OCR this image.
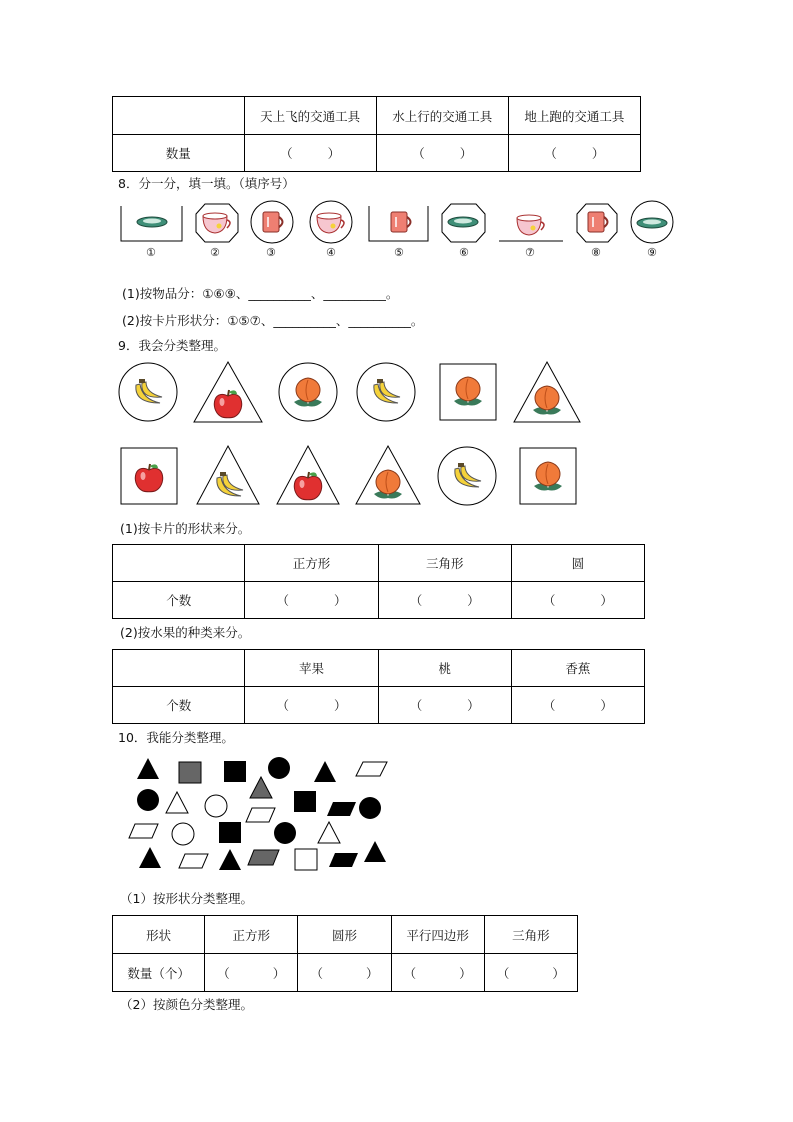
	天上飞的交通工具	水上行的交通工具	地上跑的交通工具
数量	（ ）	（ ）	（ ）
8．分一分，填一填。（填序号）
①	②	③	④	⑤	⑥	⑦	⑧	⑨
(1)按物品分：①⑥⑨、__________、__________。
(2)按卡片形状分：①⑤⑦、__________、__________。
9．我会分类整理。
(1)按卡片的形状来分。
	正方形	三角形	圆
个数	（ ）	（ ）	（ ）
(2)按水果的种类来分。
	苹果	桃	香蕉
个数	（ ）	（ ）	（ ）
10．我能分类整理。
（1）按形状分类整理。
形状	正方形	圆形	平行四边形	三角形
数量（个）	（ ）	（ ）	（ ）	（ ）
（2）按颜色分类整理。
